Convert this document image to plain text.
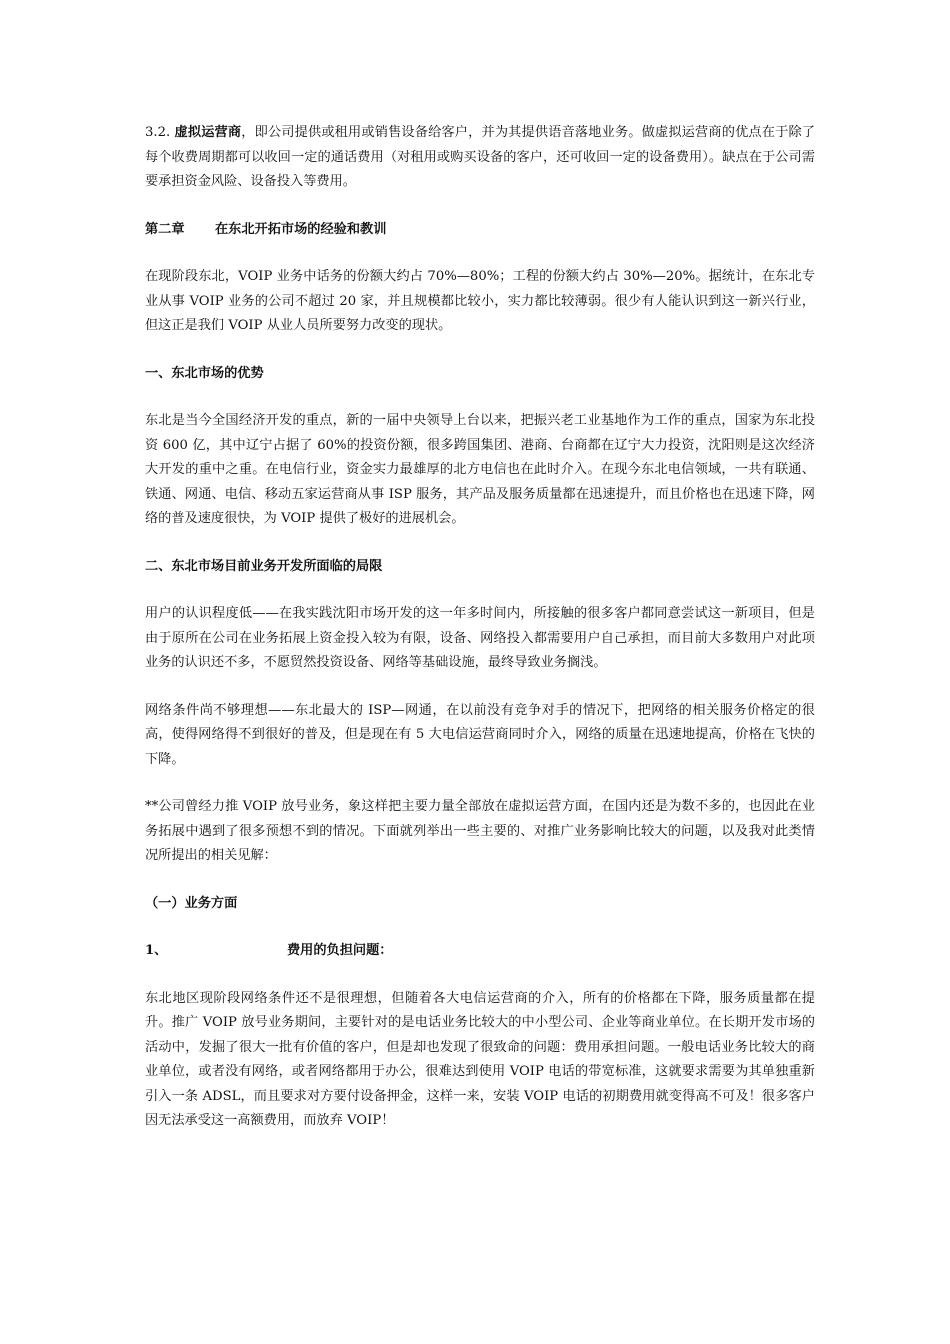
3.2. 虚拟运营商，即公司提供或租用或销售设备给客户，并为其提供语音落地业务。做虚拟运营商的优点在于除了每个收费周期都可以收回一定的通话费用（对租用或购买设备的客户，还可收回一定的设备费用）。缺点在于公司需要承担资金风险、设备投入等费用。

第二章 在东北开拓市场的经验和教训

在现阶段东北，VOIP 业务中话务的份额大约占 70%—80%；工程的份额大约占 30%—20%。据统计，在东北专业从事 VOIP 业务的公司不超过 20 家，并且规模都比较小，实力都比较薄弱。很少有人能认识到这一新兴行业，但这正是我们 VOIP 从业人员所要努力改变的现状。

一、东北市场的优势

东北是当今全国经济开发的重点，新的一届中央领导上台以来，把振兴老工业基地作为工作的重点，国家为东北投资 600 亿，其中辽宁占据了 60%的投资份额，很多跨国集团、港商、台商都在辽宁大力投资，沈阳则是这次经济大开发的重中之重。在电信行业，资金实力最雄厚的北方电信也在此时介入。在现今东北电信领域，一共有联通、铁通、网通、电信、移动五家运营商从事 ISP 服务，其产品及服务质量都在迅速提升，而且价格也在迅速下降，网络的普及速度很快，为 VOIP 提供了极好的进展机会。

二、东北市场目前业务开发所面临的局限

用户的认识程度低——在我实践沈阳市场开发的这一年多时间内，所接触的很多客户都同意尝试这一新项目，但是由于原所在公司在业务拓展上资金投入较为有限，设备、网络投入都需要用户自己承担，而目前大多数用户对此项业务的认识还不多，不愿贸然投资设备、网络等基础设施，最终导致业务搁浅。

网络条件尚不够理想——东北最大的 ISP—网通，在以前没有竞争对手的情况下，把网络的相关服务价格定的很高，使得网络得不到很好的普及，但是现在有 5 大电信运营商同时介入，网络的质量在迅速地提高，价格在飞快的下降。

**公司曾经力推 VOIP 放号业务，象这样把主要力量全部放在虚拟运营方面，在国内还是为数不多的，也因此在业务拓展中遇到了很多预想不到的情况。下面就列举出一些主要的、对推广业务影响比较大的问题，以及我对此类情况所提出的相关见解：

（一）业务方面

1、	费用的负担问题：

东北地区现阶段网络条件还不是很理想，但随着各大电信运营商的介入，所有的价格都在下降，服务质量都在提升。推广 VOIP 放号业务期间，主要针对的是电话业务比较大的中小型公司、企业等商业单位。在长期开发市场的活动中，发掘了很大一批有价值的客户，但是却也发现了很致命的问题：费用承担问题。一般电话业务比较大的商业单位，或者没有网络，或者网络都用于办公，很难达到使用 VOIP 电话的带宽标准，这就要求需要为其单独重新引入一条 ADSL，而且要求对方要付设备押金，这样一来，安装 VOIP 电话的初期费用就变得高不可及！很多客户因无法承受这一高额费用，而放弃 VOIP！
